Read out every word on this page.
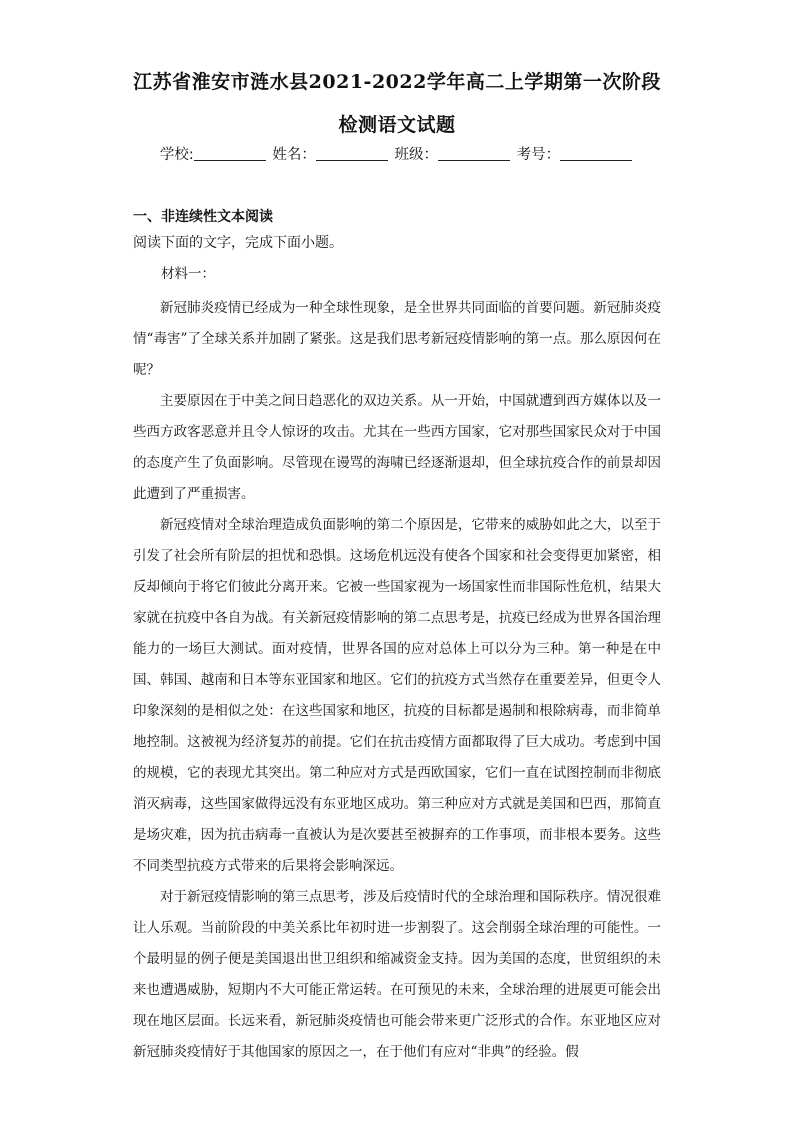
江苏省淮安市涟水县2021-2022学年高二上学期第一次阶段
检测语文试题
学校:	姓名：	班级：	考号：
一、非连续性文本阅读

阅读下面的文字，完成下面小题。

材料一：

新冠肺炎疫情已经成为一种全球性现象，是全世界共同面临的首要问题。新冠肺炎疫情“毒害”了全球关系并加剧了紧张。这是我们思考新冠疫情影响的第一点。那么原因何在呢？

主要原因在于中美之间日趋恶化的双边关系。从一开始，中国就遭到西方媒体以及一些西方政客恶意并且令人惊讶的攻击。尤其在一些西方国家，它对那些国家民众对于中国的态度产生了负面影响。尽管现在谩骂的海啸已经逐渐退却，但全球抗疫合作的前景却因此遭到了严重损害。

新冠疫情对全球治理造成负面影响的第二个原因是，它带来的威胁如此之大，以至于引发了社会所有阶层的担忧和恐惧。这场危机远没有使各个国家和社会变得更加紧密，相反却倾向于将它们彼此分离开来。它被一些国家视为一场国家性而非国际性危机，结果大家就在抗疫中各自为战。有关新冠疫情影响的第二点思考是，抗疫已经成为世界各国治理能力的一场巨大测试。面对疫情，世界各国的应对总体上可以分为三种。第一种是在中国、韩国、越南和日本等东亚国家和地区。它们的抗疫方式当然存在重要差异，但更令人印象深刻的是相似之处：在这些国家和地区，抗疫的目标都是遏制和根除病毒，而非简单地控制。这被视为经济复苏的前提。它们在抗击疫情方面都取得了巨大成功。考虑到中国的规模，它的表现尤其突出。第二种应对方式是西欧国家，它们一直在试图控制而非彻底消灭病毒，这些国家做得远没有东亚地区成功。第三种应对方式就是美国和巴西，那简直是场灾难，因为抗击病毒一直被认为是次要甚至被摒弃的工作事项，而非根本要务。这些不同类型抗疫方式带来的后果将会影响深远。

对于新冠疫情影响的第三点思考，涉及后疫情时代的全球治理和国际秩序。情况很难让人乐观。当前阶段的中美关系比年初时进一步割裂了。这会削弱全球治理的可能性。一个最明显的例子便是美国退出世卫组织和缩减资金支持。因为美国的态度，世贸组织的未来也遭遇威胁，短期内不大可能正常运转。在可预见的未来，全球治理的进展更可能会出现在地区层面。长远来看，新冠肺炎疫情也可能会带来更广泛形式的合作。东亚地区应对新冠肺炎疫情好于其他国家的原因之一，在于他们有应对“非典”的经验。假
